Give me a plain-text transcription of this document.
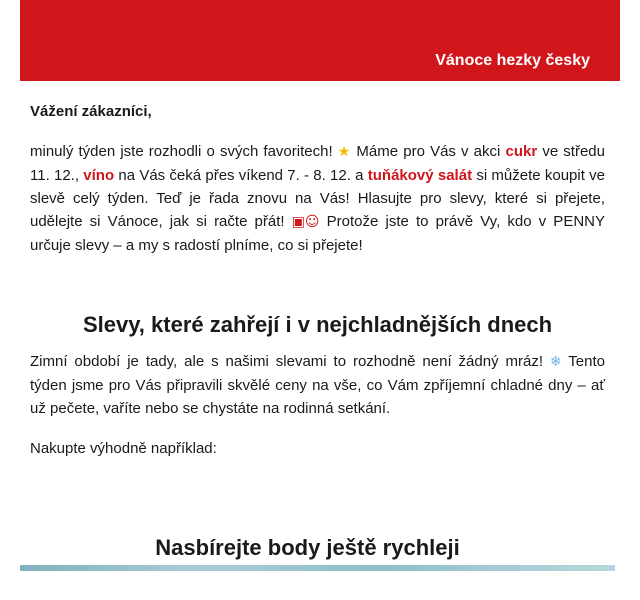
Vánoce hezky česky
Vážení zákazníci,

minulý týden jste rozhodli o svých favoritech! ★ Máme pro Vás v akci cukr ve středu 11. 12., víno na Vás čeká přes víkend 7. - 8. 12. a tuňákový salát si můžete koupit ve slevě celý týden. Teď je řada znovu na Vás! Hlasujte pro slevy, které si přejete, udělejte si Vánoce, jak si račte přát! ▣☺ Protože jste to právě Vy, kdo v PENNY určuje slevy – a my s radostí plníme, co si přejete!

Slevy, které zahřejí i v nejchladnějších dnech

Zimní období je tady, ale s našimi slevami to rozhodně není žádný mráz! ❄ Tento týden jsme pro Vás připravili skvělé ceny na vše, co Vám zpříjemní chladné dny – ať už pečete, vaříte nebo se chystáte na rodinná setkání.

Nakupte výhodně například:
Nasbírejte body ještě rychleji
